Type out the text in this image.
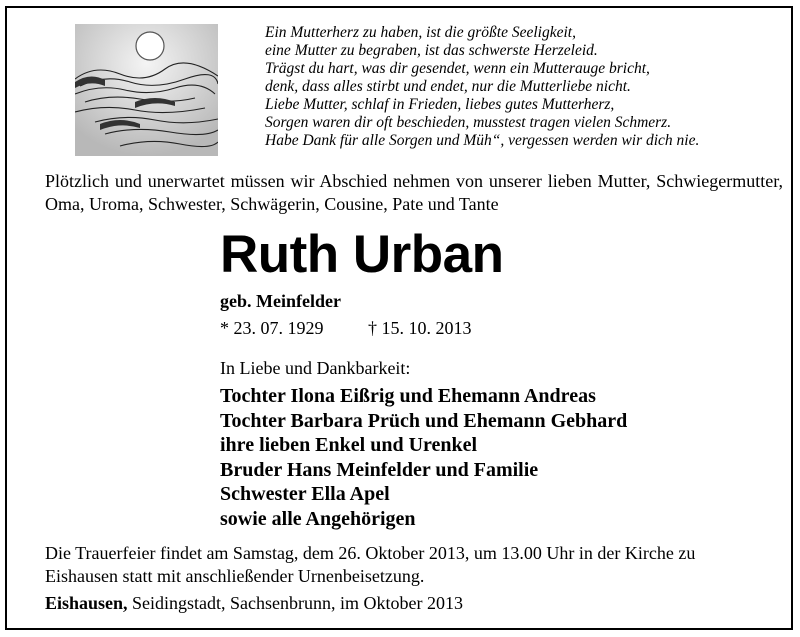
Ein Mutterherz zu haben, ist die größte Seeligkeit,
eine Mutter zu begraben, ist das schwerste Herzeleid.
Trägst du hart, was dir gesendet, wenn ein Mutterauge bricht,
denk, dass alles stirbt und endet, nur die Mutterliebe nicht.
Liebe Mutter, schlaf in Frieden, liebes gutes Mutterherz,
Sorgen waren dir oft beschieden, musstest tragen vielen Schmerz.
Habe Dank für alle Sorgen und Müh“, vergessen werden wir dich nie.
Plötzlich und unerwartet müssen wir Abschied nehmen von unserer lieben Mutter, Schwiegermutter, Oma, Uroma, Schwester, Schwägerin, Cousine, Pate und Tante
Ruth Urban
geb. Meinfelder
* 23. 07. 1929 † 15. 10. 2013
In Liebe und Dankbarkeit:
Tochter Ilona Eißrig und Ehemann Andreas
Tochter Barbara Prüch und Ehemann Gebhard
ihre lieben Enkel und Urenkel
Bruder Hans Meinfelder und Familie
Schwester Ella Apel
sowie alle Angehörigen
Die Trauerfeier findet am Samstag, dem 26. Oktober 2013, um 13.00 Uhr in der Kirche zu Eishausen statt mit anschließender Urnenbeisetzung.
Eishausen, Seidingstadt, Sachsenbrunn, im Oktober 2013
